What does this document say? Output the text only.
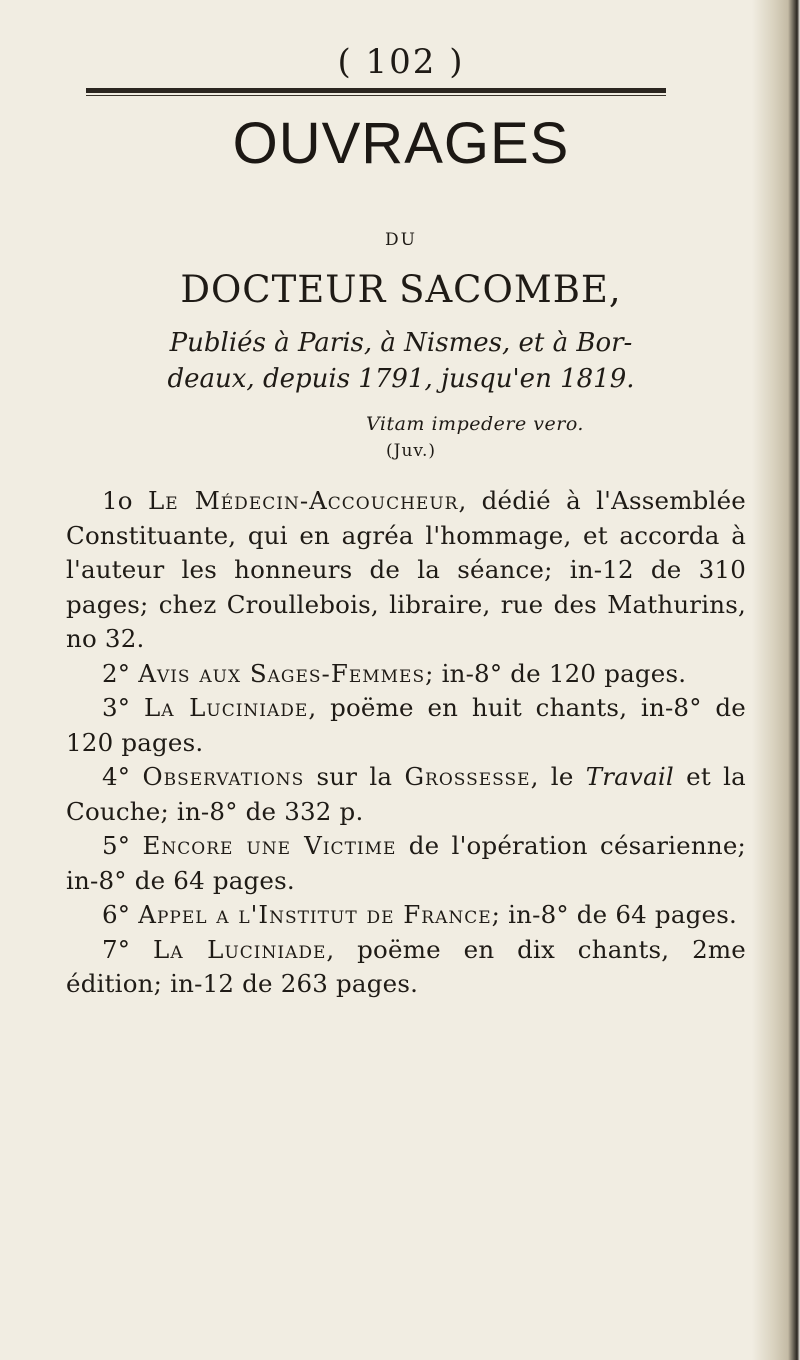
( 102 )
OUVRAGES
DU
DOCTEUR SACOMBE,
Publiés à Paris, à Nismes, et à Bor-
deaux, depuis 1791, jusqu'en 1819.
Vitam impedere vero.
(Juv.)

1o Le Médecin-Accoucheur, dédié à l'Assemblée Constituante, qui en agréa l'hommage, et accorda à l'auteur les honneurs de la séance; in-12 de 310 pages; chez Croullebois, libraire, rue des Mathurins, no 32.

2° Avis aux Sages-Femmes; in-8° de 120 pages.

3° La Luciniade, poëme en huit chants, in-8° de 120 pages.

4° Observations sur la Grossesse, le Travail et la Couche; in-8° de 332 p.

5° Encore une Victime de l'opération césarienne; in-8° de 64 pages.

6° Appel a l'Institut de France; in-8° de 64 pages.

7° La Luciniade, poëme en dix chants, 2me édition; in-12 de 263 pages.
